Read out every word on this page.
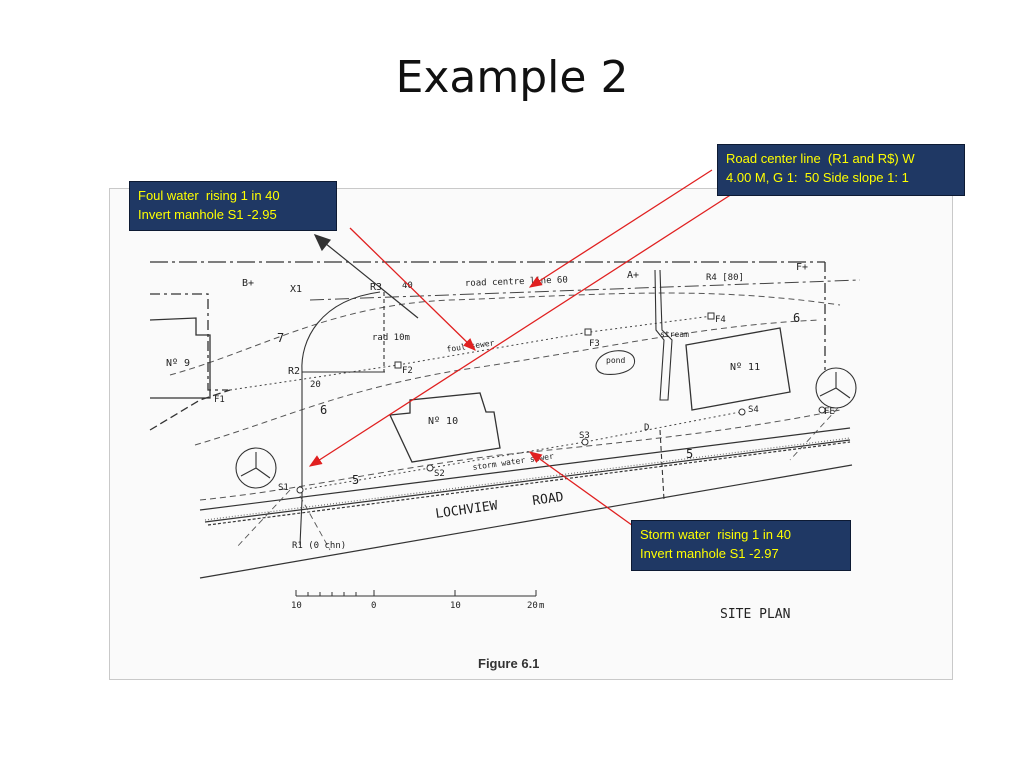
Example 2
B+
X1	R3 40	road centre line 60	A+	R4 [80]
F+
rad 10m
foul sewer	F3
stream
pond
F4
Nº 11
Nº 9
R2
20
F2
F1
Nº 10
S3
D
S4	FE
storm water sewer
S1
S2
R1 (0 chn)
LOCHVIEW	ROAD
7
6
6
5
5
SITE PLAN
Figure 6.1
10	0	10	20 m
Foul water  rising 1 in 40
Invert manhole S1 -2.95
Road center line  (R1 and R$) W
4.00 M, G 1:  50 Side slope 1: 1
Storm water  rising 1 in 40
Invert manhole S1 -2.97
